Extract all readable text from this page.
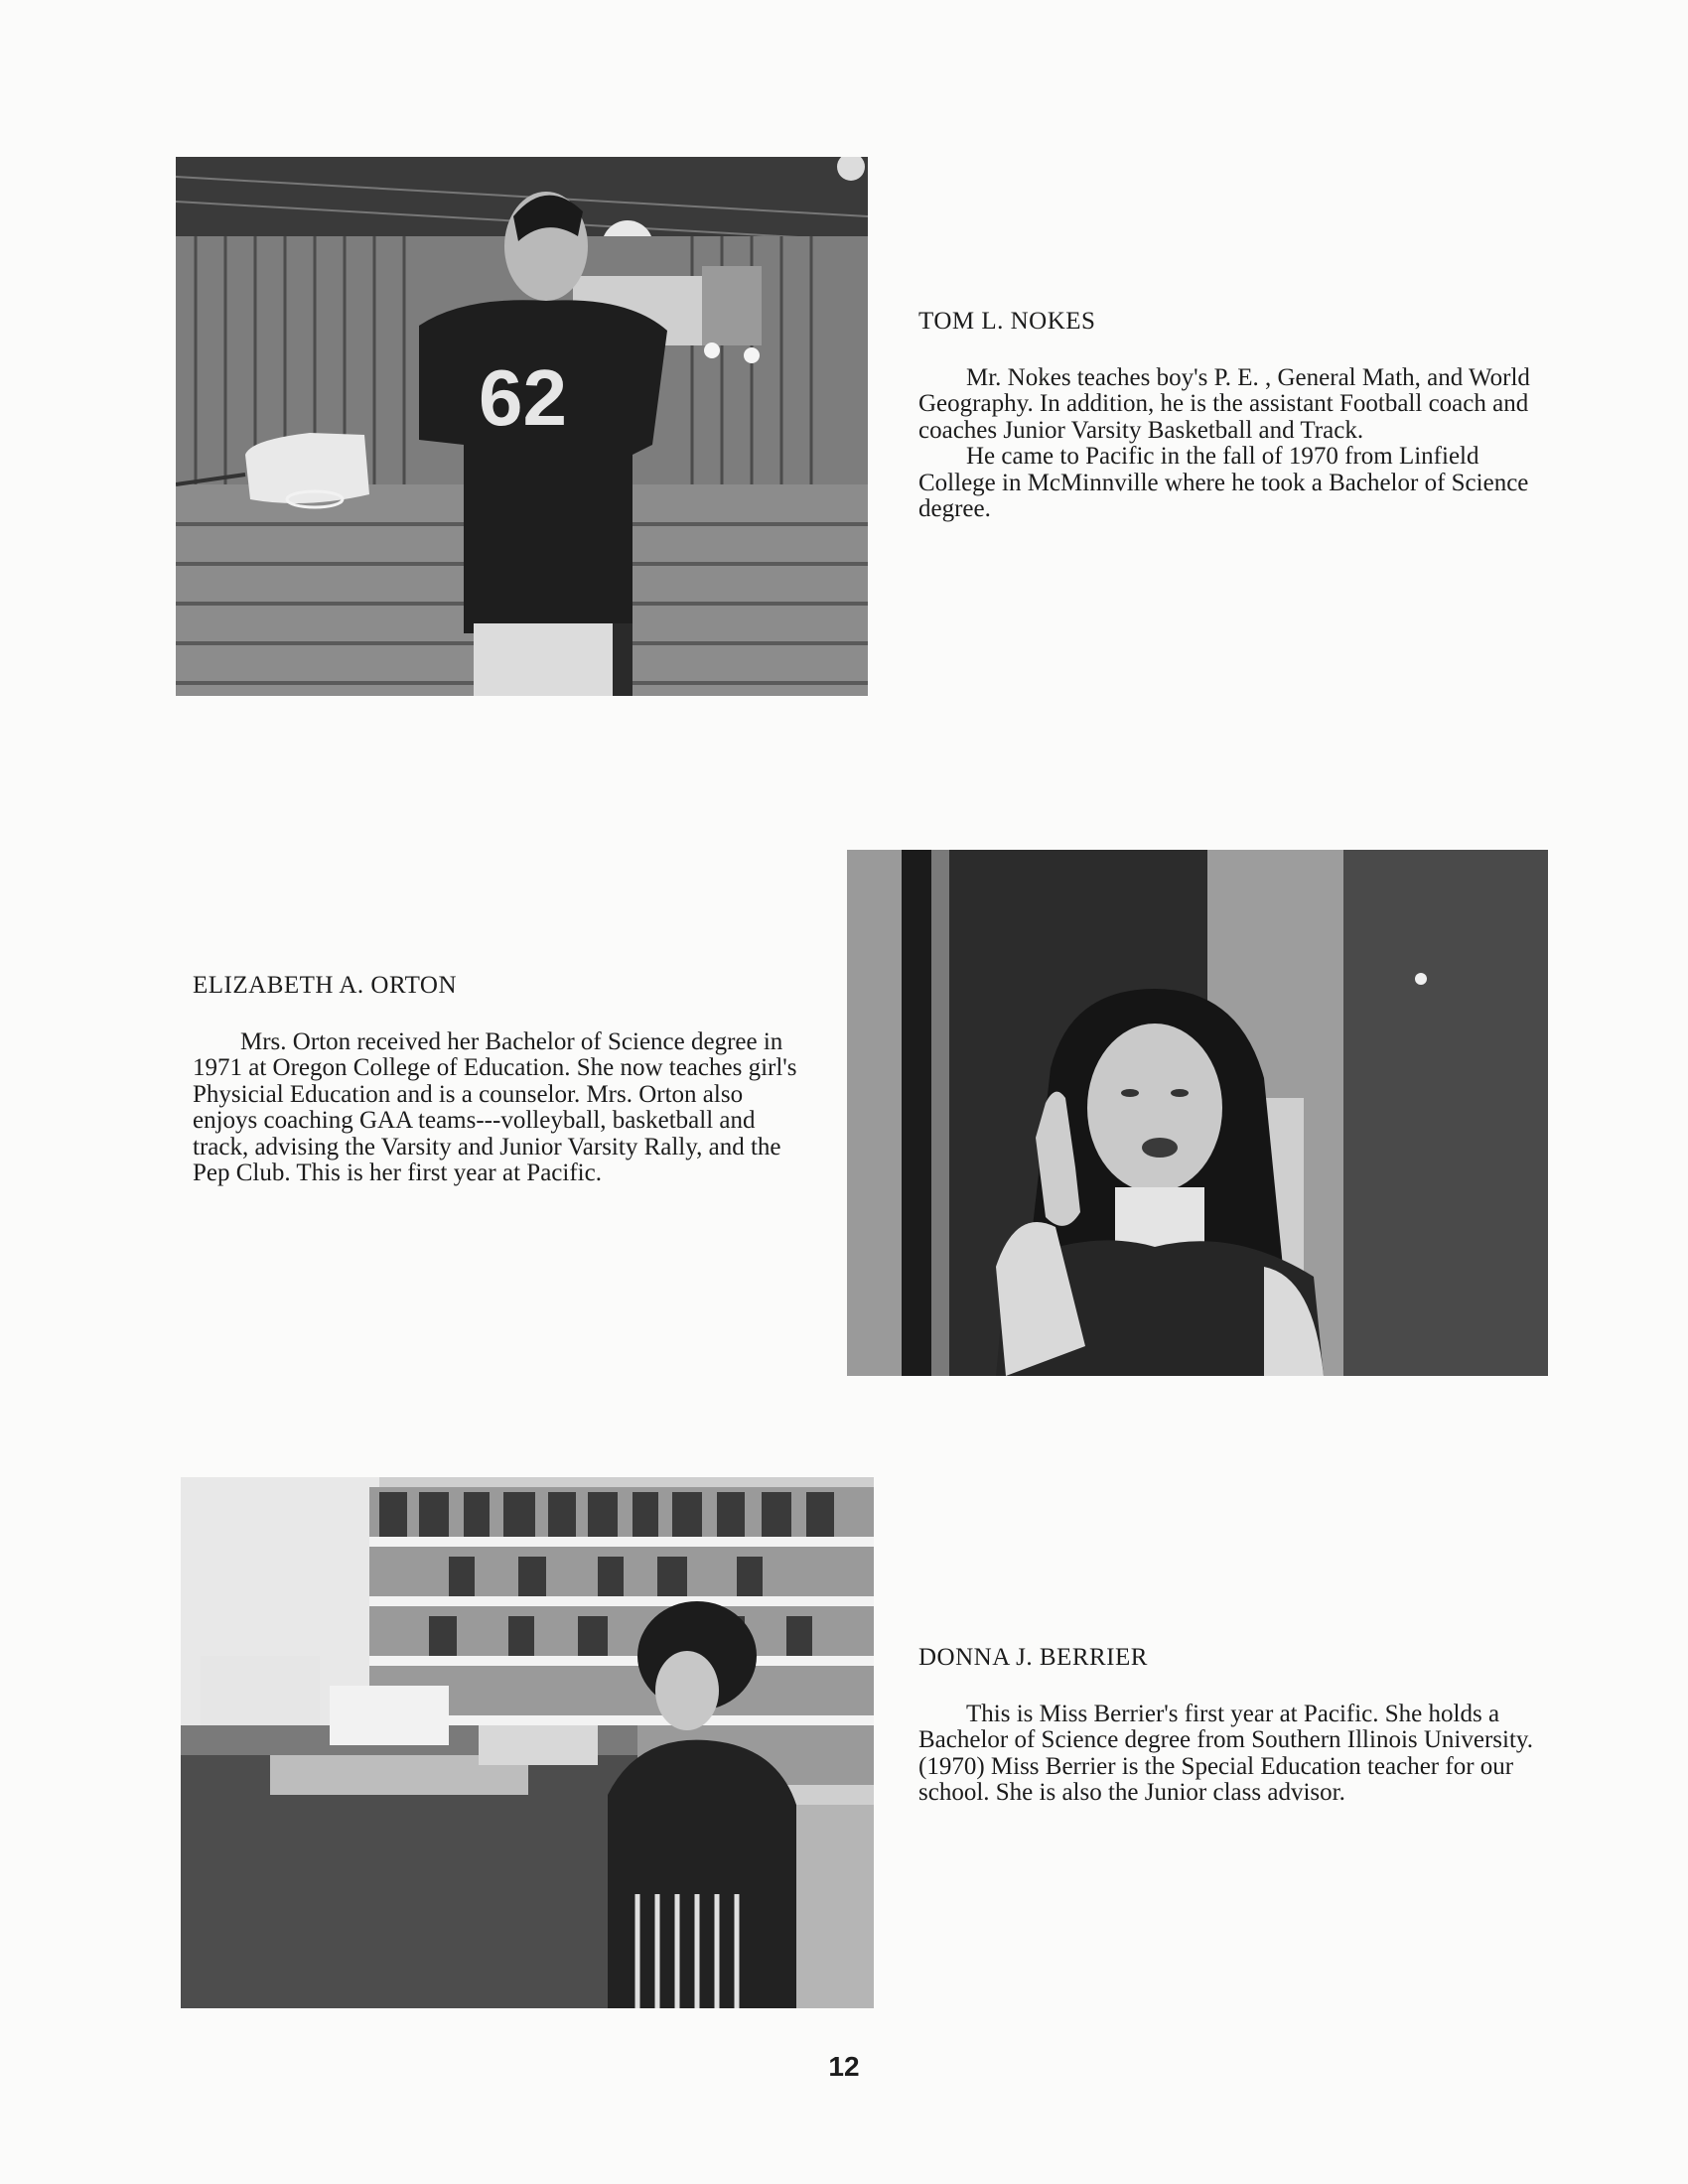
62
TOM L. NOKES

Mr. Nokes teaches boy's P. E. , General Math, and World Geography. In addition, he is the assistant Football coach and coaches Junior Varsity Basketball and Track.

He came to Pacific in the fall of 1970 from Linfield College in McMinnville where he took a Bachelor of Science degree.

ELIZABETH A. ORTON

Mrs. Orton received her Bachelor of Science degree in 1971 at Oregon College of Education. She now teaches girl's Physicial Education and is a counselor. Mrs. Orton also enjoys coaching GAA teams---volleyball, basketball and track, advising the Varsity and Junior Varsity Rally, and the Pep Club. This is her first year at Pacific.

DONNA J. BERRIER

This is Miss Berrier's first year at Pacific. She holds a Bachelor of Science degree from Southern Illinois University. (1970) Miss Berrier is the Special Education teacher for our school. She is also the Junior class advisor.

12
